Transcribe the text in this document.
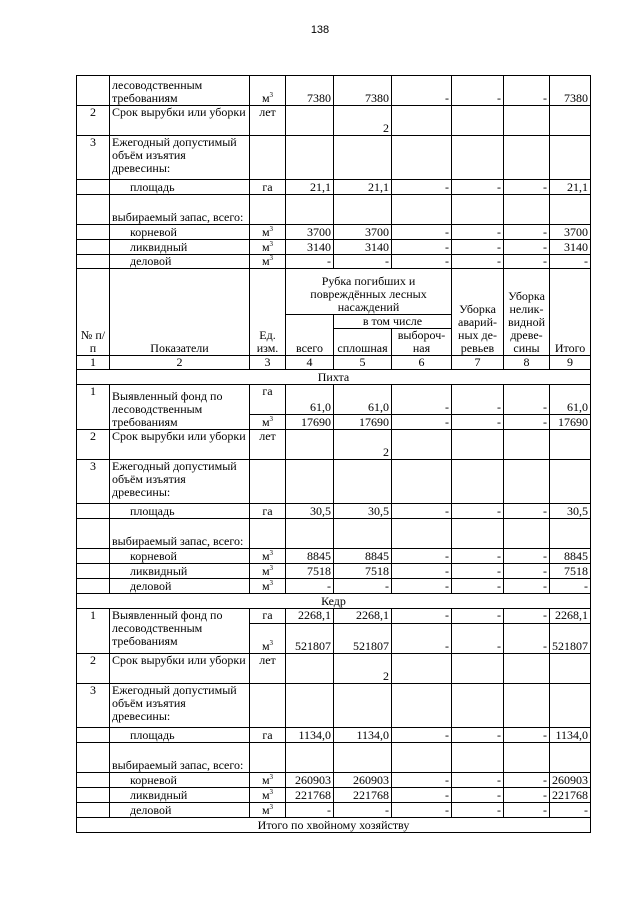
138
	лесоводственным требованиям	$м^3$	7380	7380	-	-	-	7380
2	Срок вырубки или уборки	лет		2				
3	Ежегодный допустимый объём изъятия древесины:							
	площадь	га	21,1	21,1	-	-	-	21,1
	выбираемый запас, всего:							
	корневой	$м^3$	3700	3700	-	-	-	3700
	ликвидный	$м^3$	3140	3140	-	-	-	3140
	деловой	$м^3$	-	-	-	-	-	-
№ п/п	Показатели	Ед. изм.	Рубка погибших и повреждённых лесных насаждений			Уборка аварий-ных де-ревьев	Уборка нелик-видной древе-сины	Итого
			всего	в том числе				
				сплошная	выбороч-ная			
1	2	3	4	5	6	7	8	9
Пихта								
1	Выявленный фонд по лесоводственным требованиям	га	61,0	61,0	-	-	-	61,0
		$м^3$	17690	17690	-	-	-	17690
2	Срок вырубки или уборки	лет		2				
3	Ежегодный допустимый объём изъятия древесины:							
	площадь	га	30,5	30,5	-	-	-	30,5
	выбираемый запас, всего:							
	корневой	$м^3$	8845	8845	-	-	-	8845
	ликвидный	$м^3$	7518	7518	-	-	-	7518
	деловой	$м^3$	-	-	-	-	-	-
Кедр								
1	Выявленный фонд по лесоводственным требованиям	га	2268,1	2268,1	-	-	-	2268,1
		$м^3$	521807	521807	-	-	-	521807
2	Срок вырубки или уборки	лет		2				
3	Ежегодный допустимый объём изъятия древесины:							
	площадь	га	1134,0	1134,0	-	-	-	1134,0
	выбираемый запас, всего:							
	корневой	$м^3$	260903	260903	-	-	-	260903
	ликвидный	$м^3$	221768	221768	-	-	-	221768
	деловой	$м^3$	-	-	-	-	-	-
Итого по хвойному хозяйству								
